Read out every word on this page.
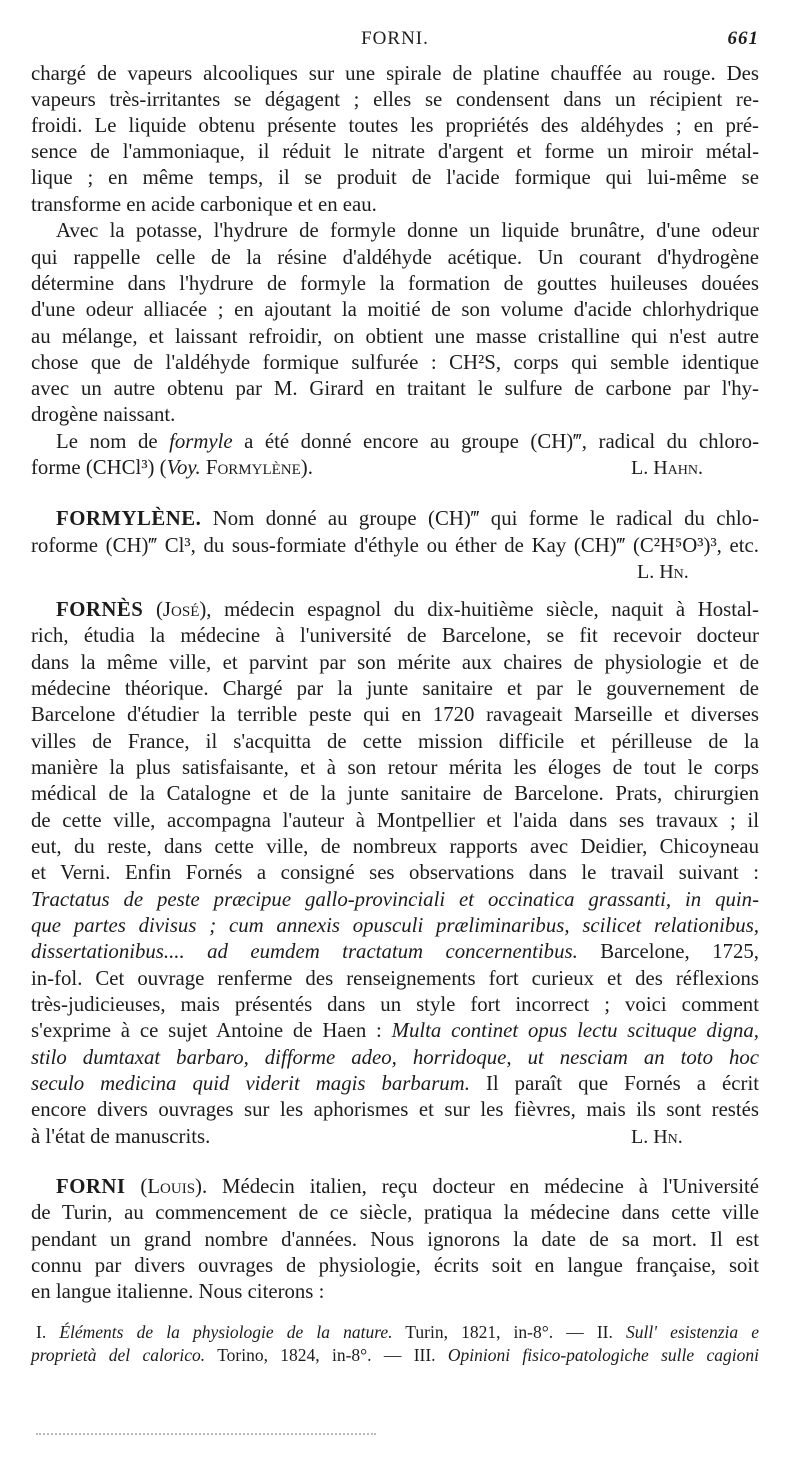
FORNI.	661
chargé de vapeurs alcooliques sur une spirale de platine chauffée au rouge. Des
vapeurs très-irritantes se dégagent ; elles se condensent dans un récipient re-
froidi. Le liquide obtenu présente toutes les propriétés des aldéhydes ; en pré-
sence de l'ammoniaque, il réduit le nitrate d'argent et forme un miroir métal-
lique ; en même temps, il se produit de l'acide formique qui lui-même se
transforme en acide carbonique et en eau.
Avec la potasse, l'hydrure de formyle donne un liquide brunâtre, d'une odeur
qui rappelle celle de la résine d'aldéhyde acétique. Un courant d'hydrogène
détermine dans l'hydrure de formyle la formation de gouttes huileuses douées
d'une odeur alliacée ; en ajoutant la moitié de son volume d'acide chlorhydrique
au mélange, et laissant refroidir, on obtient une masse cristalline qui n'est autre
chose que de l'aldéhyde formique sulfurée : CH²S, corps qui semble identique
avec un autre obtenu par M. Girard en traitant le sulfure de carbone par l'hy-
drogène naissant.
Le nom de formyle a été donné encore au groupe (CH)‴, radical du chloro-
forme (CHCl³) (Voy. Formylène).	L. Hahn.
FORMYLÈNE. Nom donné au groupe (CH)‴ qui forme le radical du chlo-
roforme (CH)‴ Cl³, du sous-formiate d'éthyle ou éther de Kay (CH)‴ (C²H⁵O³)³, etc.
L. Hn.
FORNÈS (José), médecin espagnol du dix-huitième siècle, naquit à Hostal-
rich, étudia la médecine à l'université de Barcelone, se fit recevoir docteur
dans la même ville, et parvint par son mérite aux chaires de physiologie et de
médecine théorique. Chargé par la junte sanitaire et par le gouvernement de
Barcelone d'étudier la terrible peste qui en 1720 ravageait Marseille et diverses
villes de France, il s'acquitta de cette mission difficile et périlleuse de la
manière la plus satisfaisante, et à son retour mérita les éloges de tout le corps
médical de la Catalogne et de la junte sanitaire de Barcelone. Prats, chirurgien
de cette ville, accompagna l'auteur à Montpellier et l'aida dans ses travaux ; il
eut, du reste, dans cette ville, de nombreux rapports avec Deidier, Chicoyneau
et Verni. Enfin Fornés a consigné ses observations dans le travail suivant :
Tractatus de peste præcipue gallo-provinciali et occinatica grassanti, in quin-
que partes divisus ; cum annexis opusculi præliminaribus, scilicet relationibus,
dissertationibus.... ad eumdem tractatum concernentibus. Barcelone, 1725,
in-fol. Cet ouvrage renferme des renseignements fort curieux et des réflexions
très-judicieuses, mais présentés dans un style fort incorrect ; voici comment
s'exprime à ce sujet Antoine de Haen : Multa continet opus lectu scituque digna,
stilo dumtaxat barbaro, difforme adeo, horridoque, ut nesciam an toto hoc
seculo medicina quid viderit magis barbarum. Il paraît que Fornés a écrit
encore divers ouvrages sur les aphorismes et sur les fièvres, mais ils sont restés
à l'état de manuscrits.	L. Hn.
FORNI (Louis). Médecin italien, reçu docteur en médecine à l'Université
de Turin, au commencement de ce siècle, pratiqua la médecine dans cette ville
pendant un grand nombre d'années. Nous ignorons la date de sa mort. Il est
connu par divers ouvrages de physiologie, écrits soit en langue française, soit
en langue italienne. Nous citerons :
I. Éléments de la physiologie de la nature. Turin, 1821, in-8°. — II. Sull' esistenzia e
proprietà del calorico. Torino, 1824, in-8°. — III. Opinioni fisico-patologiche sulle cagioni
